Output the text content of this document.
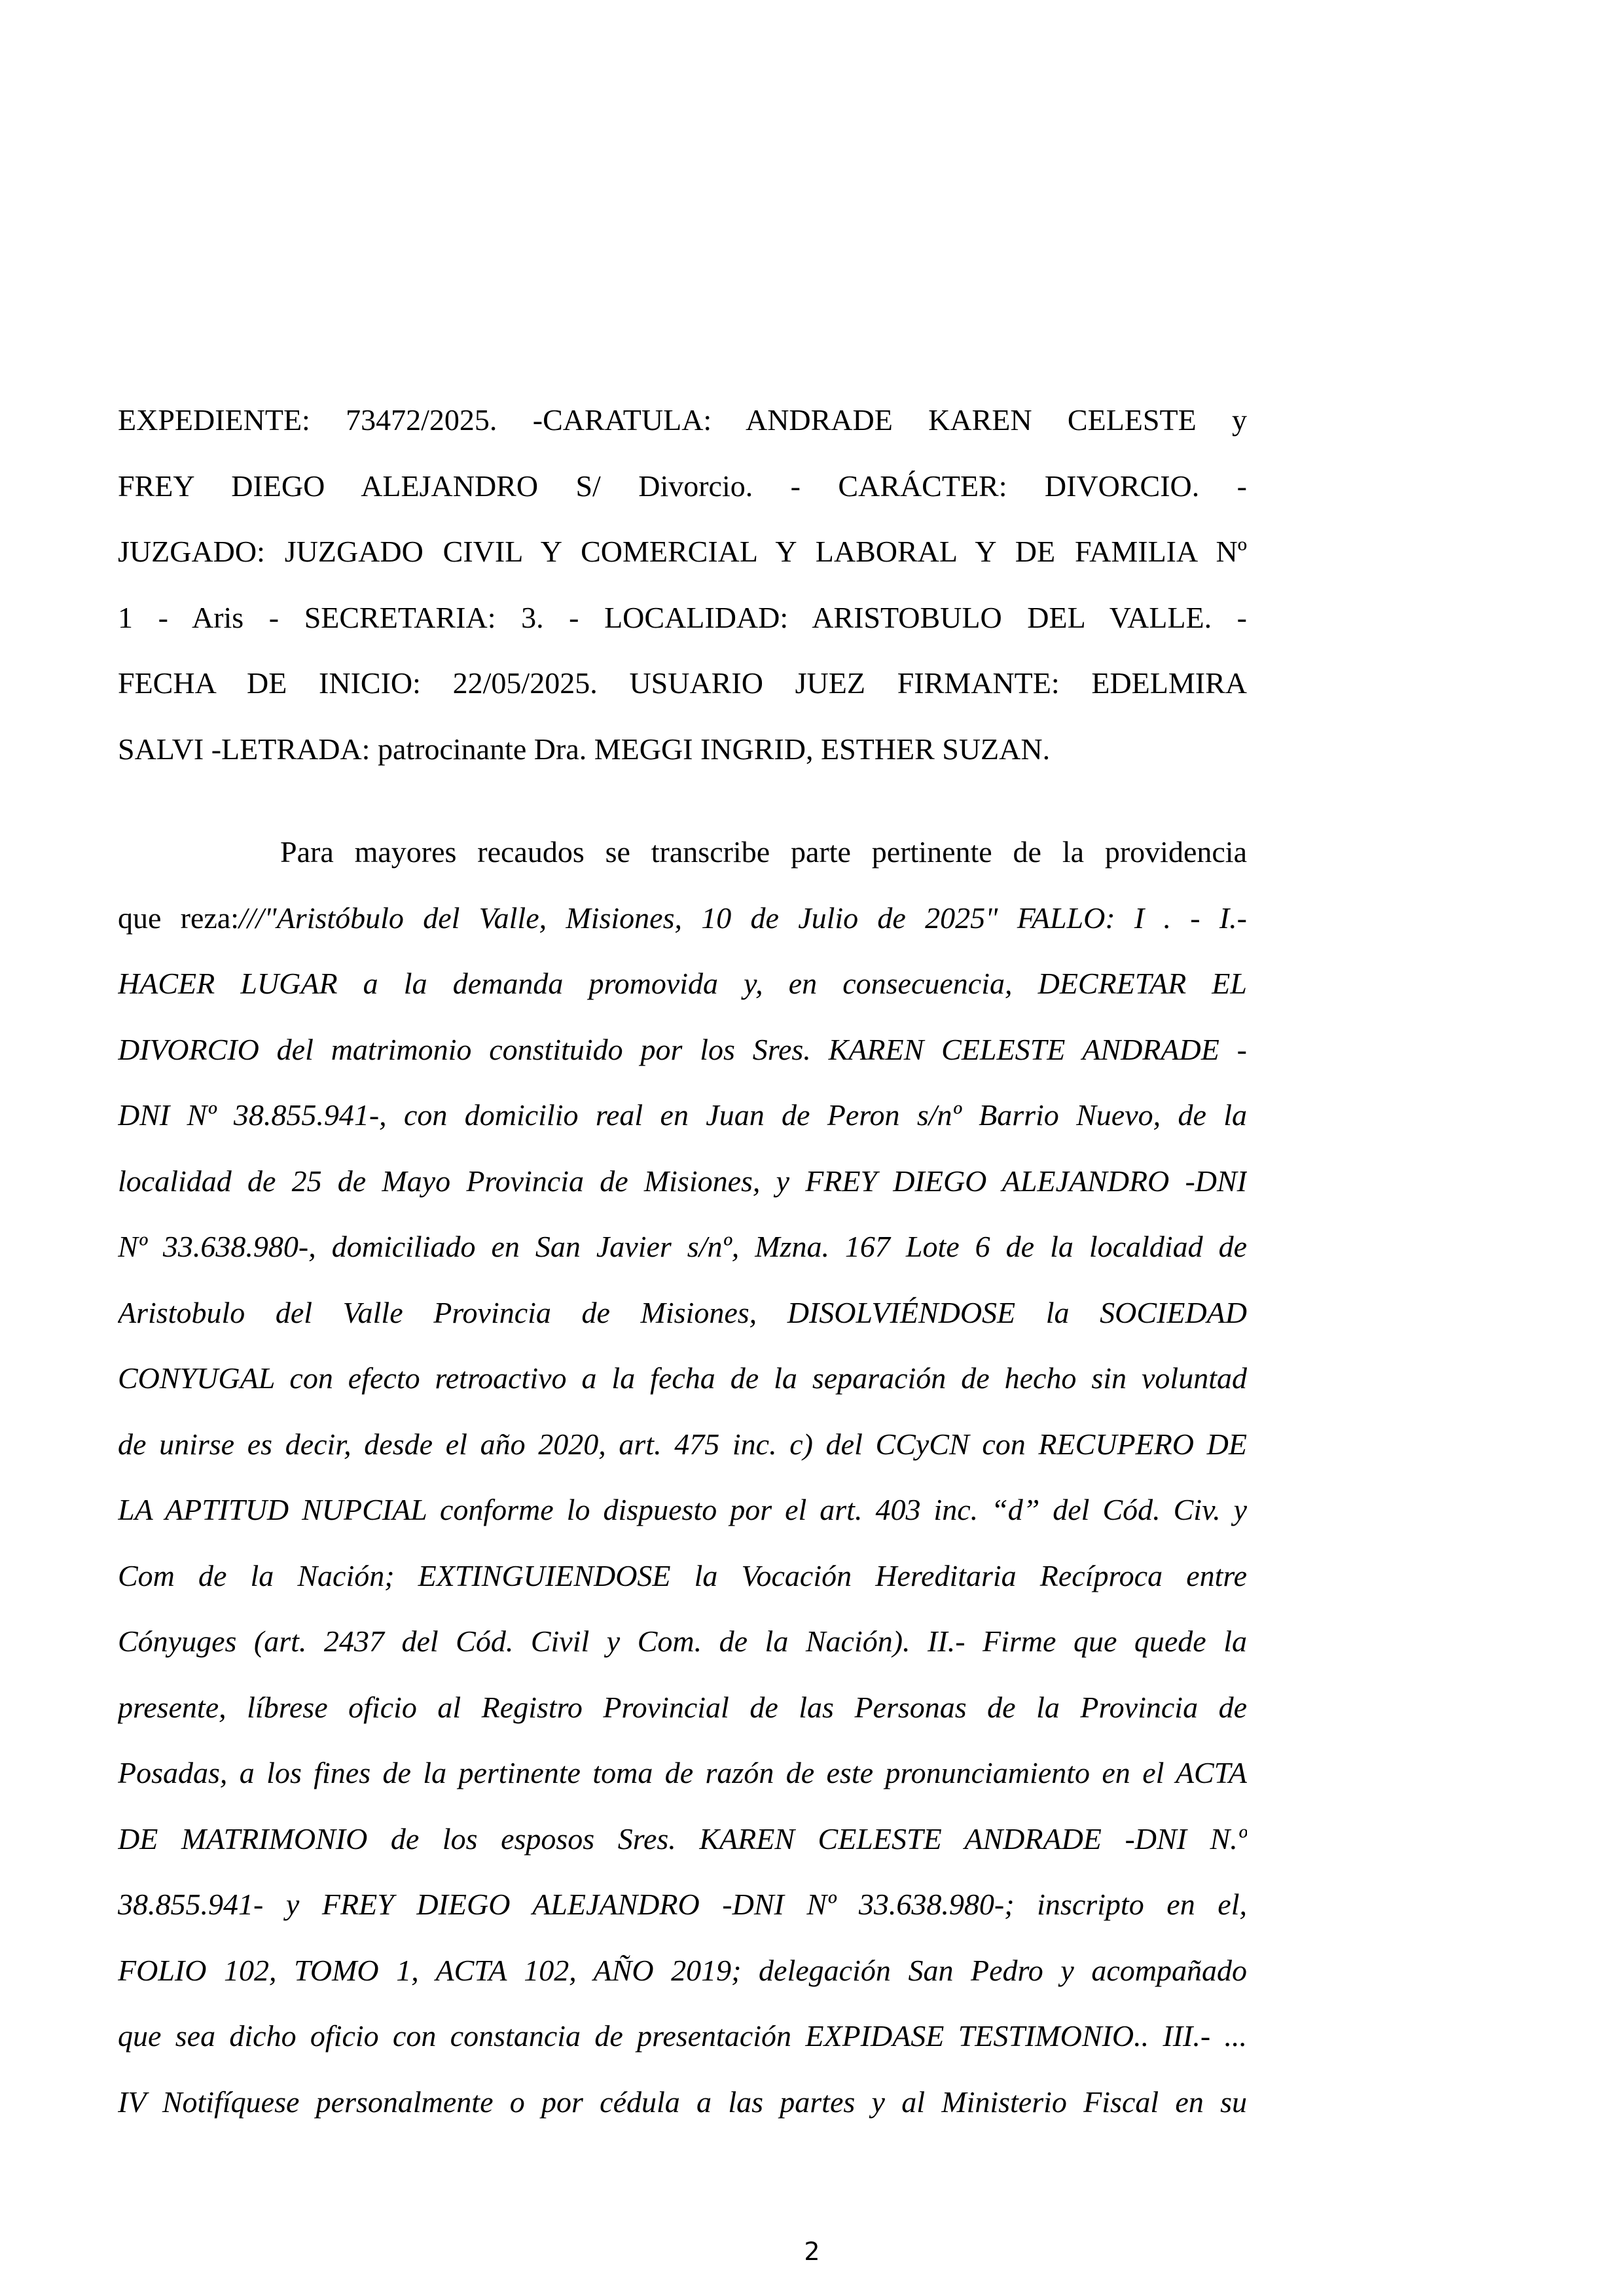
EXPEDIENTE: 73472/2025. -CARATULA: ANDRADE KAREN CELESTE y
FREY DIEGO ALEJANDRO S/ Divorcio. - CARÁCTER: DIVORCIO. -
JUZGADO: JUZGADO CIVIL Y COMERCIAL Y LABORAL Y DE FAMILIA Nº
1 - Aris - SECRETARIA: 3. - LOCALIDAD: ARISTOBULO DEL VALLE. -
FECHA DE INICIO: 22/05/2025. USUARIO JUEZ FIRMANTE: EDELMIRA
SALVI -LETRADA: patrocinante Dra. MEGGI INGRID, ESTHER SUZAN.
Para mayores recaudos se transcribe parte pertinente de la providencia
que reza:///"Aristóbulo del Valle, Misiones, 10 de Julio de 2025" FALLO: I . - I.-
HACER LUGAR a la demanda promovida y, en consecuencia, DECRETAR EL
DIVORCIO del matrimonio constituido por los Sres. KAREN CELESTE ANDRADE -
DNI Nº 38.855.941-, con domicilio real en Juan de Peron s/nº Barrio Nuevo, de la
localidad de 25 de Mayo Provincia de Misiones, y FREY DIEGO ALEJANDRO -DNI
Nº 33.638.980-, domiciliado en San Javier s/nº, Mzna. 167 Lote 6 de la localdiad de
Aristobulo del Valle Provincia de Misiones, DISOLVIÉNDOSE la SOCIEDAD
CONYUGAL con efecto retroactivo a la fecha de la separación de hecho sin voluntad
de unirse es decir, desde el año 2020, art. 475 inc. c) del CCyCN con RECUPERO DE
LA APTITUD NUPCIAL conforme lo dispuesto por el art. 403 inc. “d” del Cód. Civ. y
Com de la Nación; EXTINGUIENDOSE la Vocación Hereditaria Recíproca entre
Cónyuges (art. 2437 del Cód. Civil y Com. de la Nación). II.- Firme que quede la
presente, líbrese oficio al Registro Provincial de las Personas de la Provincia de
Posadas, a los fines de la pertinente toma de razón de este pronunciamiento en el ACTA
DE MATRIMONIO de los esposos Sres. KAREN CELESTE ANDRADE -DNI N.º
38.855.941- y FREY DIEGO ALEJANDRO -DNI Nº 33.638.980-; inscripto en el,
FOLIO 102, TOMO 1, ACTA 102, AÑO 2019; delegación San Pedro y acompañado
que sea dicho oficio con constancia de presentación EXPIDASE TESTIMONIO.. III.- ...
IV Notifíquese personalmente o por cédula a las partes y al Ministerio Fiscal en su
2
